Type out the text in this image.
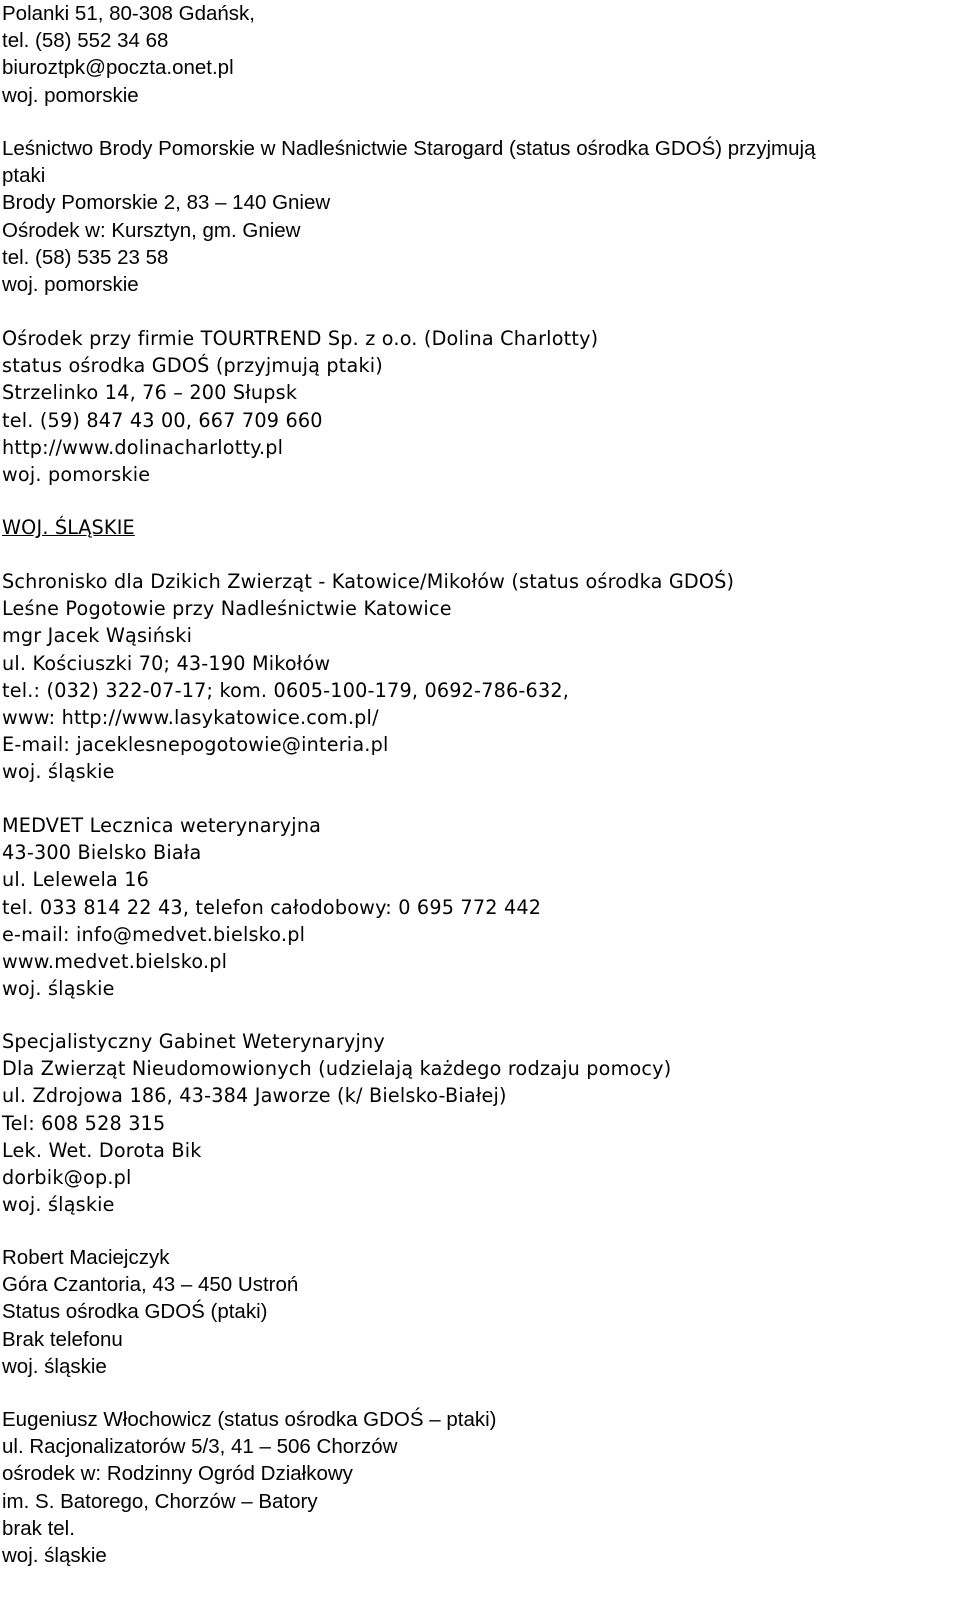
Polanki 51, 80-308 Gdańsk,
tel. (58) 552 34 68
biuroztpk@poczta.onet.pl
woj. pomorskie
Leśnictwo Brody Pomorskie w Nadleśnictwie Starogard (status ośrodka GDOŚ) przyjmują
ptaki
Brody Pomorskie 2, 83 – 140 Gniew
Ośrodek w: Kursztyn, gm. Gniew
tel. (58) 535 23 58
woj. pomorskie
Ośrodek przy firmie TOURTREND Sp. z o.o. (Dolina Charlotty)
status ośrodka GDOŚ (przyjmują ptaki)
Strzelinko 14, 76 – 200 Słupsk
tel. (59) 847 43 00, 667 709 660
http://www.dolinacharlotty.pl
woj. pomorskie
WOJ. ŚLĄSKIE
Schronisko dla Dzikich Zwierząt - Katowice/Mikołów (status ośrodka GDOŚ)
Leśne Pogotowie przy Nadleśnictwie Katowice
mgr Jacek Wąsiński
ul. Kościuszki 70; 43-190 Mikołów
tel.: (032) 322-07-17; kom. 0605-100-179, 0692-786-632,
www: http://www.lasykatowice.com.pl/
E-mail: jaceklesnepogotowie@interia.pl
woj. śląskie
MEDVET Lecznica weterynaryjna
43-300 Bielsko Biała
ul. Lelewela 16
tel. 033 814 22 43, telefon całodobowy: 0 695 772 442
e-mail: info@medvet.bielsko.pl
www.medvet.bielsko.pl
woj. śląskie
Specjalistyczny Gabinet Weterynaryjny
Dla Zwierząt Nieudomowionych (udzielają każdego rodzaju pomocy)
ul. Zdrojowa 186, 43-384 Jaworze (k/ Bielsko-Białej)
Tel: 608 528 315
Lek. Wet. Dorota Bik
dorbik@op.pl
woj. śląskie
Robert Maciejczyk
Góra Czantoria, 43 – 450 Ustroń
Status ośrodka GDOŚ (ptaki)
Brak telefonu
woj. śląskie
Eugeniusz Włochowicz (status ośrodka GDOŚ – ptaki)
ul. Racjonalizatorów 5/3, 41 – 506 Chorzów
ośrodek w: Rodzinny Ogród Działkowy
im. S. Batorego, Chorzów – Batory
brak tel.
woj. śląskie
